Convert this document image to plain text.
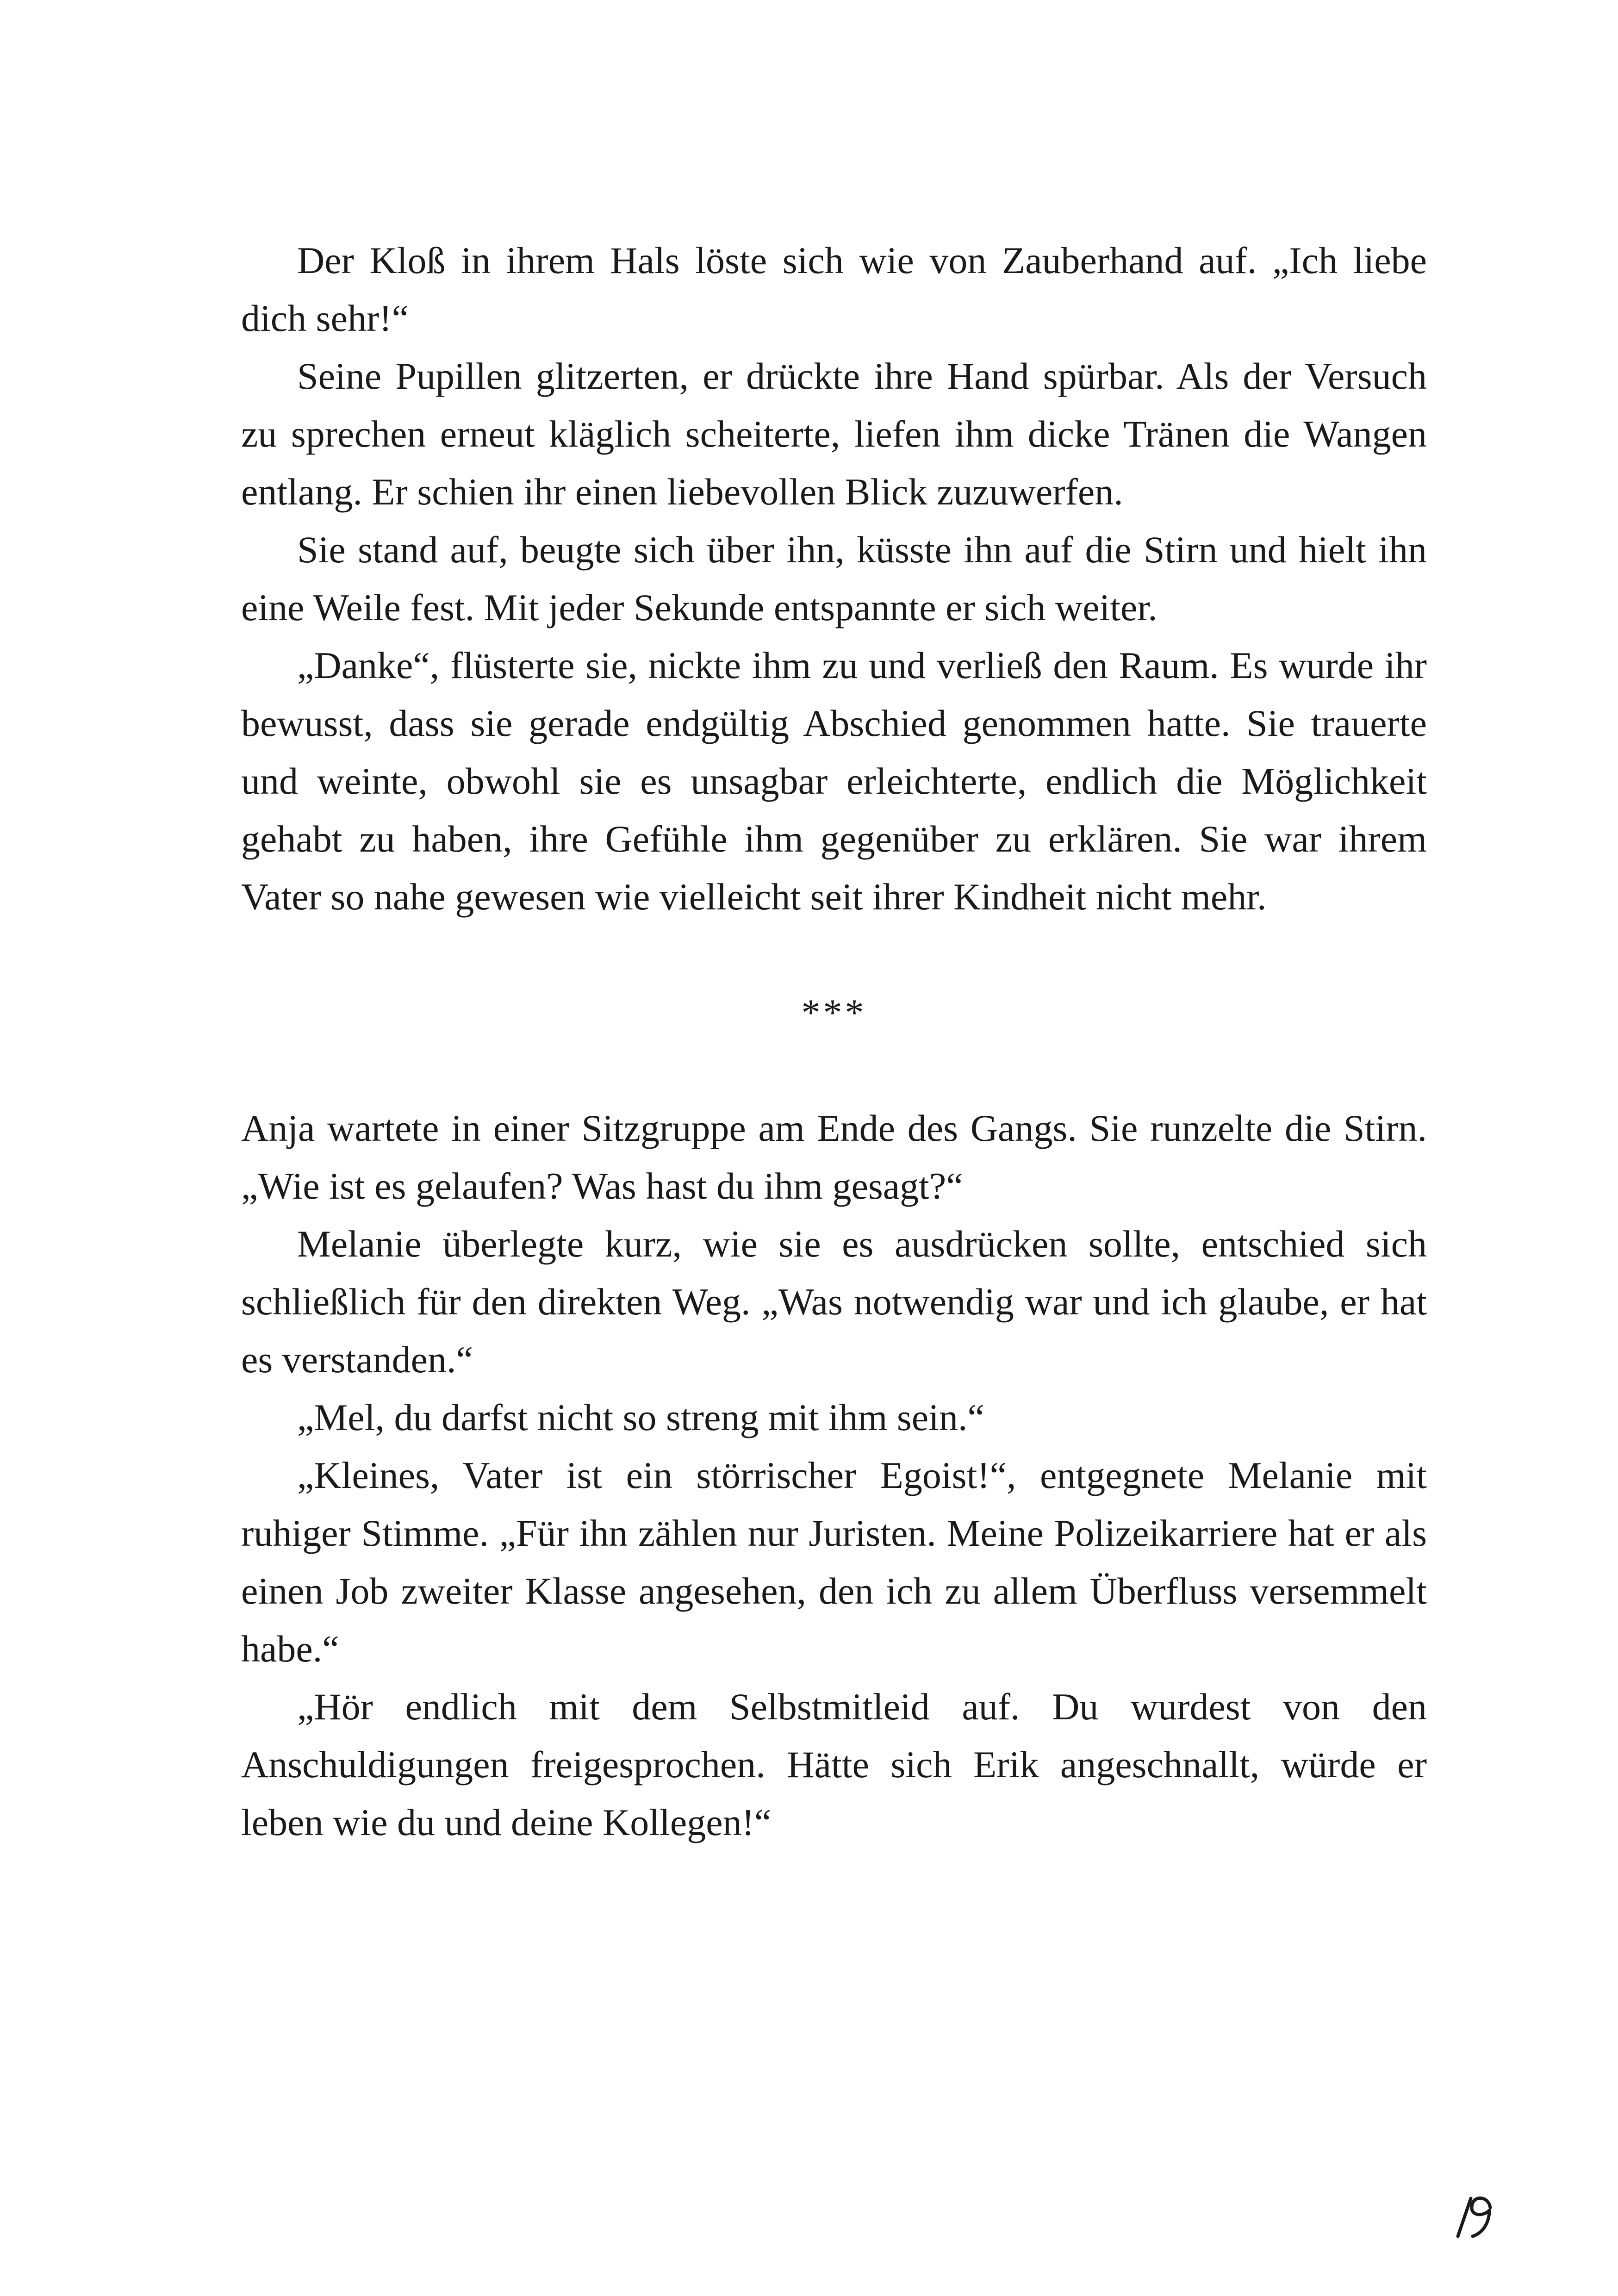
Der Kloß in ihrem Hals löste sich wie von Zauberhand auf. „Ich liebe dich sehr!“

Seine Pupillen glitzerten, er drückte ihre Hand spürbar. Als der Versuch zu sprechen erneut kläglich scheiterte, liefen ihm dicke Tränen die Wangen entlang. Er schien ihr einen liebevollen Blick zuzuwerfen.

Sie stand auf, beugte sich über ihn, küsste ihn auf die Stirn und hielt ihn eine Weile fest. Mit jeder Sekunde entspannte er sich weiter.

„Danke“, flüsterte sie, nickte ihm zu und verließ den Raum. Es wurde ihr bewusst, dass sie gerade endgültig Abschied genommen hatte. Sie trauerte und weinte, obwohl sie es unsagbar erleichterte, endlich die Möglichkeit gehabt zu haben, ihre Gefühle ihm gegenüber zu erklären. Sie war ihrem Vater so nahe gewesen wie vielleicht seit ihrer Kindheit nicht mehr.

***

Anja wartete in einer Sitzgruppe am Ende des Gangs. Sie runzelte die Stirn. „Wie ist es gelaufen? Was hast du ihm gesagt?“

Melanie überlegte kurz, wie sie es ausdrücken sollte, entschied sich schließlich für den direkten Weg. „Was notwendig war und ich glaube, er hat es verstanden.“

„Mel, du darfst nicht so streng mit ihm sein.“

„Kleines, Vater ist ein störrischer Egoist!“, entgegnete Melanie mit ruhiger Stimme. „Für ihn zählen nur Juristen. Meine Polizeikarriere hat er als einen Job zweiter Klasse angesehen, den ich zu allem Überfluss versemmelt habe.“

„Hör endlich mit dem Selbstmitleid auf. Du wurdest von den Anschuldigungen freigesprochen. Hätte sich Erik angeschnallt, würde er leben wie du und deine Kollegen!“

19
